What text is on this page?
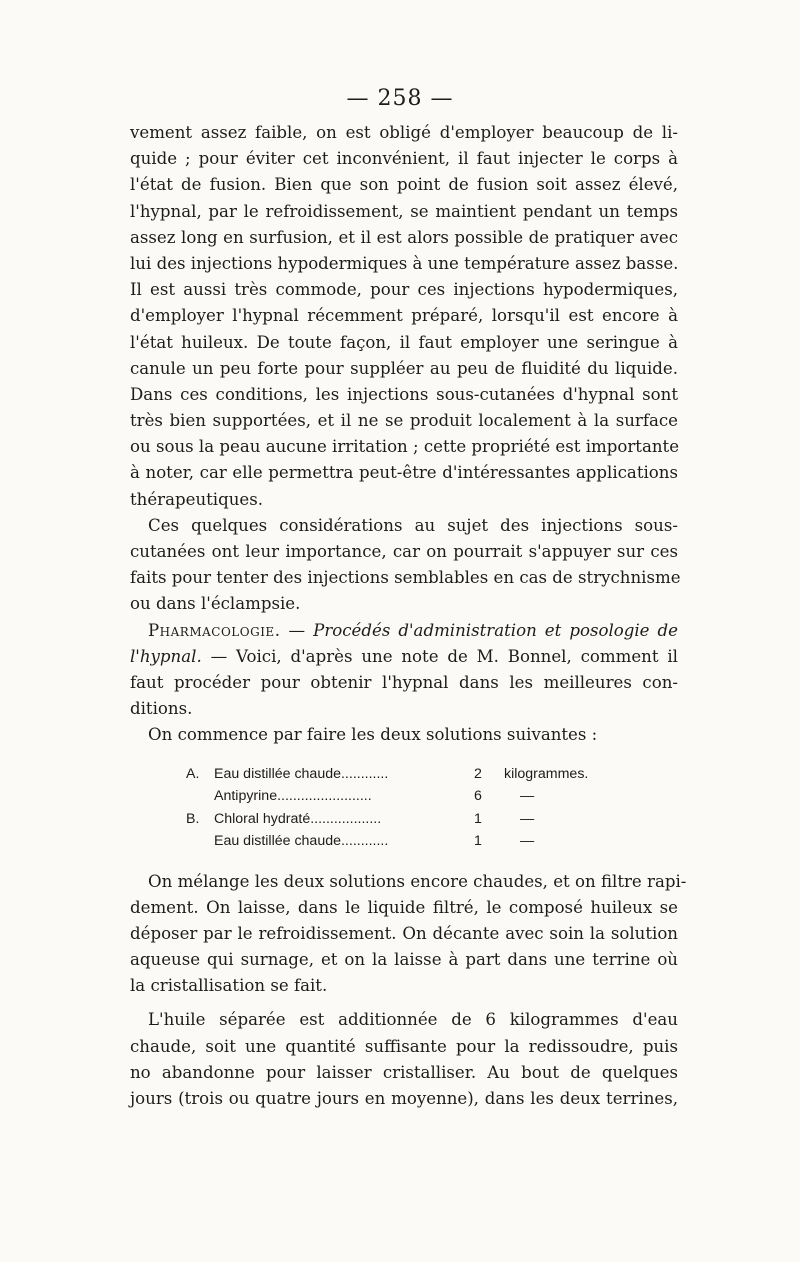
— 258 —
vement assez faible, on est obligé d'employer beaucoup de li-
quide ; pour éviter cet inconvénient, il faut injecter le corps à
l'état de fusion. Bien que son point de fusion soit assez élevé,
l'hypnal, par le refroidissement, se maintient pendant un temps
assez long en surfusion, et il est alors possible de pratiquer avec
lui des injections hypodermiques à une température assez basse.
Il est aussi très commode, pour ces injections hypodermiques,
d'employer l'hypnal récemment préparé, lorsqu'il est encore à
l'état huileux. De toute façon, il faut employer une seringue à
canule un peu forte pour suppléer au peu de fluidité du liquide.
Dans ces conditions, les injections sous-cutanées d'hypnal sont
très bien supportées, et il ne se produit localement à la surface
ou sous la peau aucune irritation ; cette propriété est importante
à noter, car elle permettra peut-être d'intéressantes applications
thérapeutiques.
Ces quelques considérations au sujet des injections sous-
cutanées ont leur importance, car on pourrait s'appuyer sur ces
faits pour tenter des injections semblables en cas de strychnisme
ou dans l'éclampsie.
Pharmacologie. — Procédés d'administration et posologie de
l'hypnal. — Voici, d'après une note de M. Bonnel, comment il
faut procéder pour obtenir l'hypnal dans les meilleures con-
ditions.
On commence par faire les deux solutions suivantes :
A.	Eau distillée chaude............	2	kilogrammes.
Antipyrine........................	6	—
B.	Chloral hydraté..................	1	—
Eau distillée chaude............	1	—
On mélange les deux solutions encore chaudes, et on filtre rapi-
dement. On laisse, dans le liquide filtré, le composé huileux se
déposer par le refroidissement. On décante avec soin la solution
aqueuse qui surnage, et on la laisse à part dans une terrine où
la cristallisation se fait.
L'huile séparée est additionnée de 6 kilogrammes d'eau
chaude, soit une quantité suffisante pour la redissoudre, puis
no abandonne pour laisser cristalliser. Au bout de quelques
jours (trois ou quatre jours en moyenne), dans les deux terrines,
